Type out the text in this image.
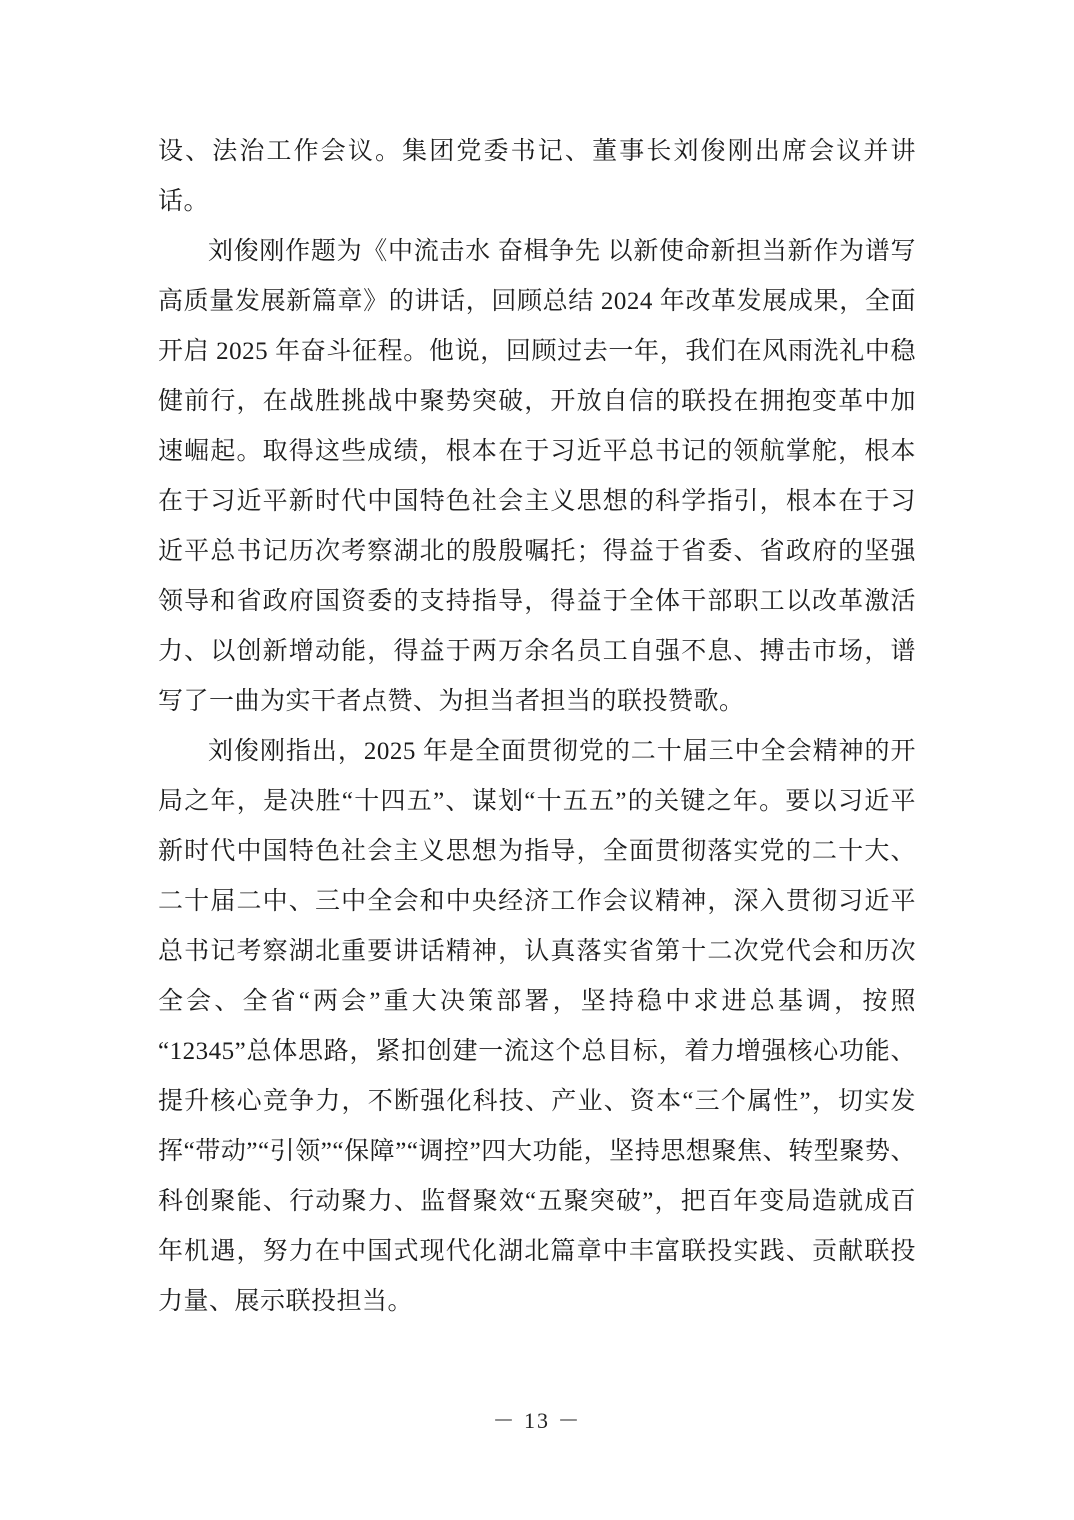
设、法治工作会议。集团党委书记、董事长刘俊刚出席会议并讲话。

刘俊刚作题为《中流击水 奋楫争先 以新使命新担当新作为谱写高质量发展新篇章》的讲话，回顾总结 2024 年改革发展成果，全面开启 2025 年奋斗征程。他说，回顾过去一年，我们在风雨洗礼中稳健前行，在战胜挑战中聚势突破，开放自信的联投在拥抱变革中加速崛起。取得这些成绩，根本在于习近平总书记的领航掌舵，根本在于习近平新时代中国特色社会主义思想的科学指引，根本在于习近平总书记历次考察湖北的殷殷嘱托；得益于省委、省政府的坚强领导和省政府国资委的支持指导，得益于全体干部职工以改革激活力、以创新增动能，得益于两万余名员工自强不息、搏击市场，谱写了一曲为实干者点赞、为担当者担当的联投赞歌。

刘俊刚指出，2025 年是全面贯彻党的二十届三中全会精神的开局之年，是决胜“十四五”、谋划“十五五”的关键之年。要以习近平新时代中国特色社会主义思想为指导，全面贯彻落实党的二十大、二十届二中、三中全会和中央经济工作会议精神，深入贯彻习近平总书记考察湖北重要讲话精神，认真落实省第十二次党代会和历次全会、全省“两会”重大决策部署，坚持稳中求进总基调，按照“12345”总体思路，紧扣创建一流这个总目标，着力增强核心功能、提升核心竞争力，不断强化科技、产业、资本“三个属性”，切实发挥“带动”“引领”“保障”“调控”四大功能，坚持思想聚焦、转型聚势、科创聚能、行动聚力、监督聚效“五聚突破”，把百年变局造就成百年机遇，努力在中国式现代化湖北篇章中丰富联投实践、贡献联投力量、展示联投担当。

－ 13 －
